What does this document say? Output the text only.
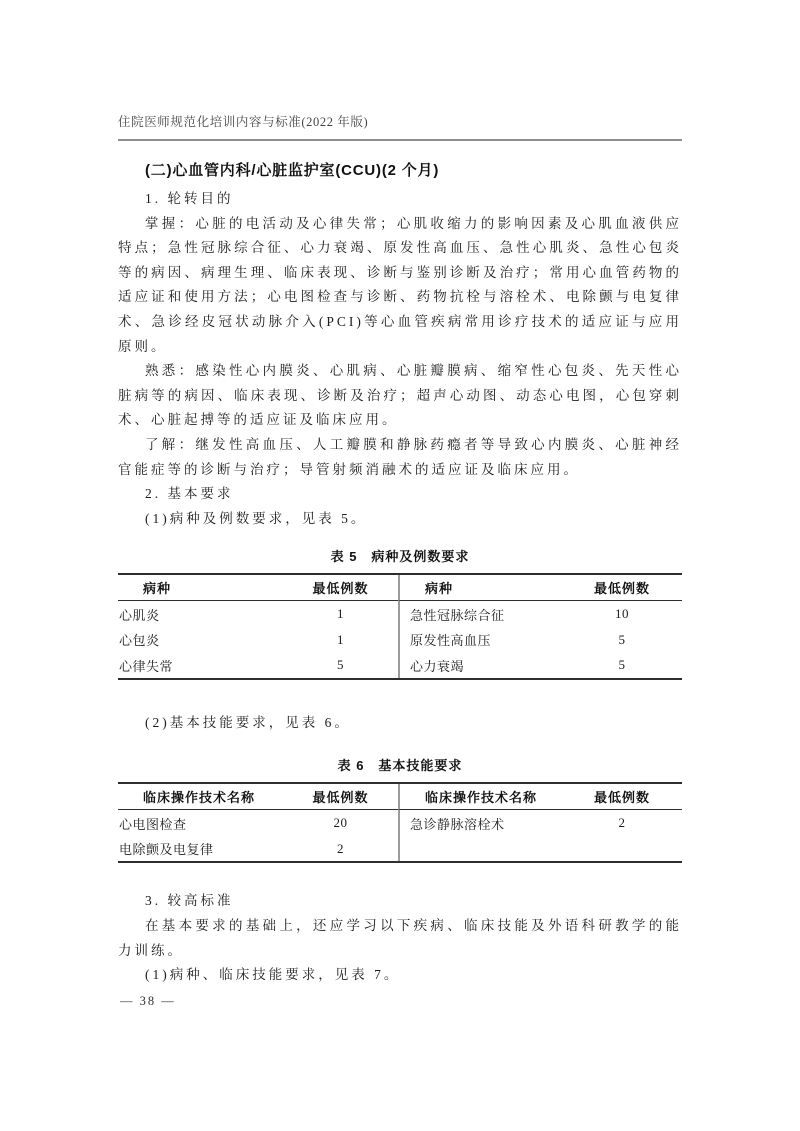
住院医师规范化培训内容与标准(2022 年版)
(二)心血管内科/心脏监护室(CCU)(2 个月)
1. 轮转目的
掌握：心脏的电活动及心律失常；心肌收缩力的影响因素及心肌血液供应特点；急性冠脉综合征、心力衰竭、原发性高血压、急性心肌炎、急性心包炎等的病因、病理生理、临床表现、诊断与鉴别诊断及治疗；常用心血管药物的适应证和使用方法；心电图检查与诊断、药物抗栓与溶栓术、电除颤与电复律术、急诊经皮冠状动脉介入(PCI)等心血管疾病常用诊疗技术的适应证与应用原则。
熟悉：感染性心内膜炎、心肌病、心脏瓣膜病、缩窄性心包炎、先天性心脏病等的病因、临床表现、诊断及治疗；超声心动图、动态心电图，心包穿刺术、心脏起搏等的适应证及临床应用。
了解：继发性高血压、人工瓣膜和静脉药瘾者等导致心内膜炎、心脏神经官能症等的诊断与治疗；导管射频消融术的适应证及临床应用。
2. 基本要求
(1)病种及例数要求，见表 5。
表 5　病种及例数要求
病种	最低例数	病种	最低例数
心肌炎	1	急性冠脉综合征	10
心包炎	1	原发性高血压	5
心律失常	5	心力衰竭	5
(2)基本技能要求，见表 6。
表 6　基本技能要求
临床操作技术名称	最低例数	临床操作技术名称	最低例数
心电图检查	20	急诊静脉溶栓术	2
电除颤及电复律	2
3. 较高标准
在基本要求的基础上，还应学习以下疾病、临床技能及外语科研教学的能力训练。
(1)病种、临床技能要求，见表 7。
— 38 —
